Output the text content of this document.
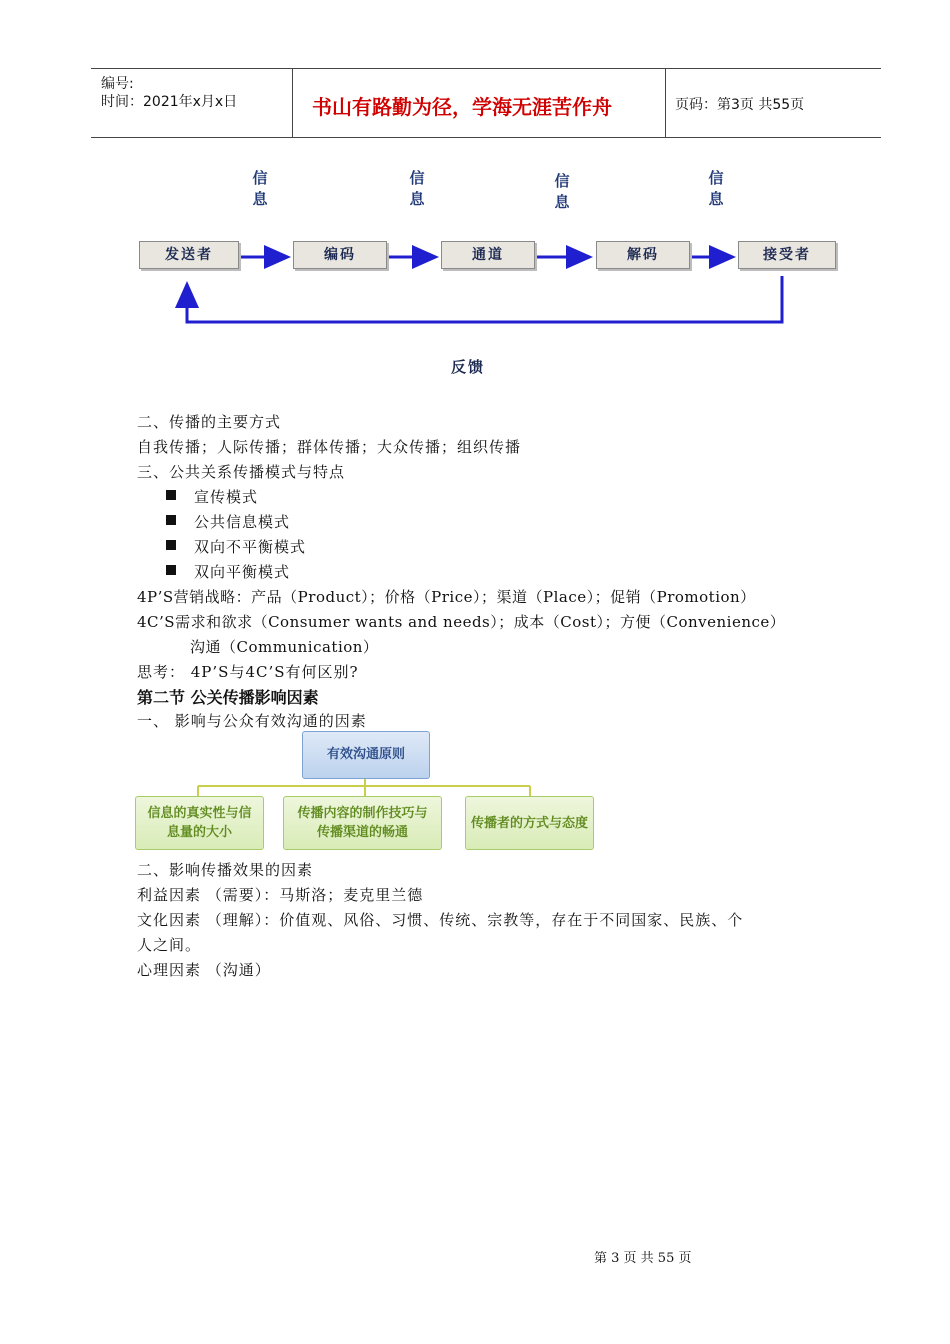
编号:
时间：2021年x月x日	书山有路勤为径，学海无涯苦作舟	页码：第3页 共55页
信
息
信
息
信
息
信
息
发送者	编码	通道	解码	接受者
反馈
二、传播的主要方式
自我传播；人际传播；群体传播；大众传播；组织传播
三、公共关系传播模式与特点
宣传模式
公共信息模式
双向不平衡模式
双向平衡模式
4P’S营销战略：产品（Product）；价格（Price）；渠道（Place）；促销（Promotion）
4C’S需求和欲求（Consumer wants and needs）；成本（Cost）；方便（Convenience）
沟通（Communication）
思考： 4P’S与4C’S有何区别?
第二节 公关传播影响因素
一、 影响与公众有效沟通的因素
有效沟通原则
信息的真实性与信
息量的大小
传播内容的制作技巧与
传播渠道的畅通
传播者的方式与态度
二、影响传播效果的因素
利益因素 （需要）：马斯洛；麦克里兰德
文化因素 （理解）：价值观、风俗、习惯、传统、宗教等，存在于不同国家、民族、个
人之间。
心理因素 （沟通）
第 3 页 共 55 页
